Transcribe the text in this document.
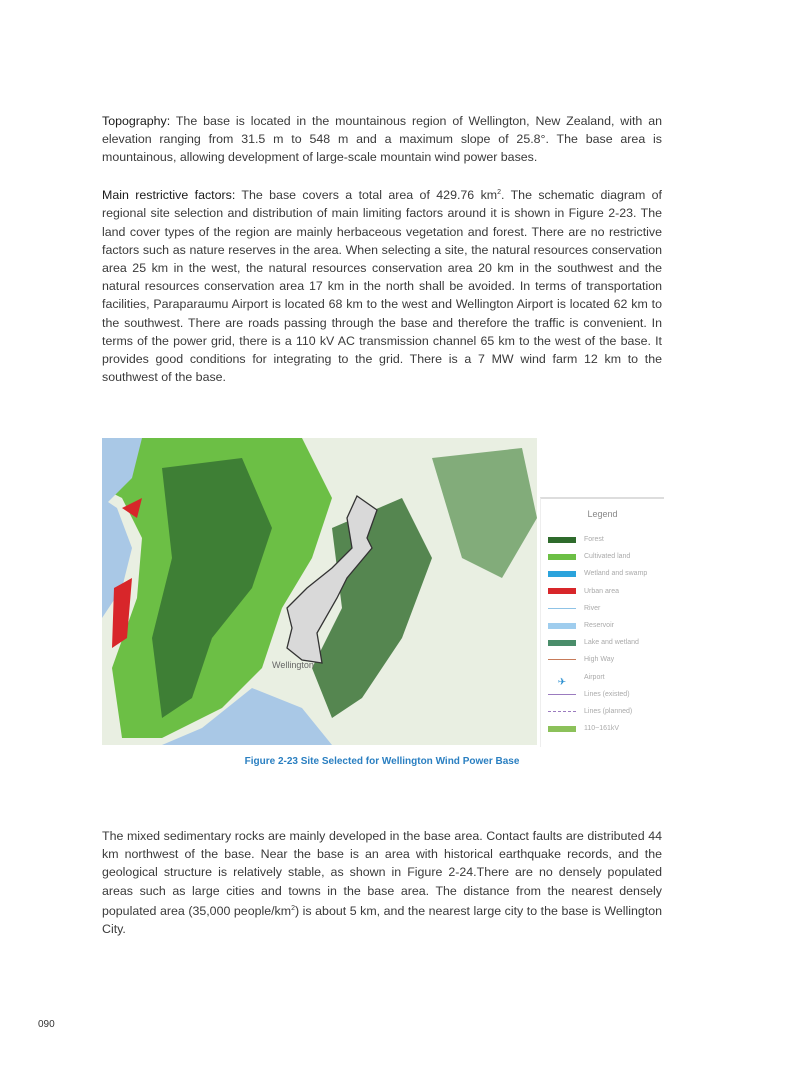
Topography: The base is located in the mountainous region of Wellington, New Zealand, with an elevation ranging from 31.5 m to 548 m and a maximum slope of 25.8°. The base area is mountainous, allowing development of large-scale mountain wind power bases.
Main restrictive factors: The base covers a total area of 429.76 $km^2$. The schematic diagram of regional site selection and distribution of main limiting factors around it is shown in Figure 2-23. The land cover types of the region are mainly herbaceous vegetation and forest. There are no restrictive factors such as nature reserves in the area. When selecting a site, the natural resources conservation area 25 km in the west, the natural resources conservation area 20 km in the southwest and the natural resources conservation area 17 km in the north shall be avoided. In terms of transportation facilities, Paraparaumu Airport is located 68 km to the west and Wellington Airport is located 62 km to the southwest. There are roads passing through the base and therefore the traffic is convenient. In terms of the power grid, there is a 110 kV AC transmission channel 65 km to the west of the base. It provides good conditions for integrating to the grid. There is a 7 MW wind farm 12 km to the southwest of the base.
Wellington
Legend
Forest
Cultivated land
Wetland and swamp
Urban area
River
Reservoir
Lake and wetland
High Way
✈	Airport
Lines (existed)
Lines (planned)
110~161kV
Figure 2-23 Site Selected for Wellington Wind Power Base
The mixed sedimentary rocks are mainly developed in the base area. Contact faults are distributed 44 km northwest of the base. Near the base is an area with historical earthquake records, and the geological structure is relatively stable, as shown in Figure 2-24.There are no densely populated areas such as large cities and towns in the base area. The distance from the nearest densely populated area (35,000 people/$km^2$) is about 5 km, and the nearest large city to the base is Wellington City.
090
